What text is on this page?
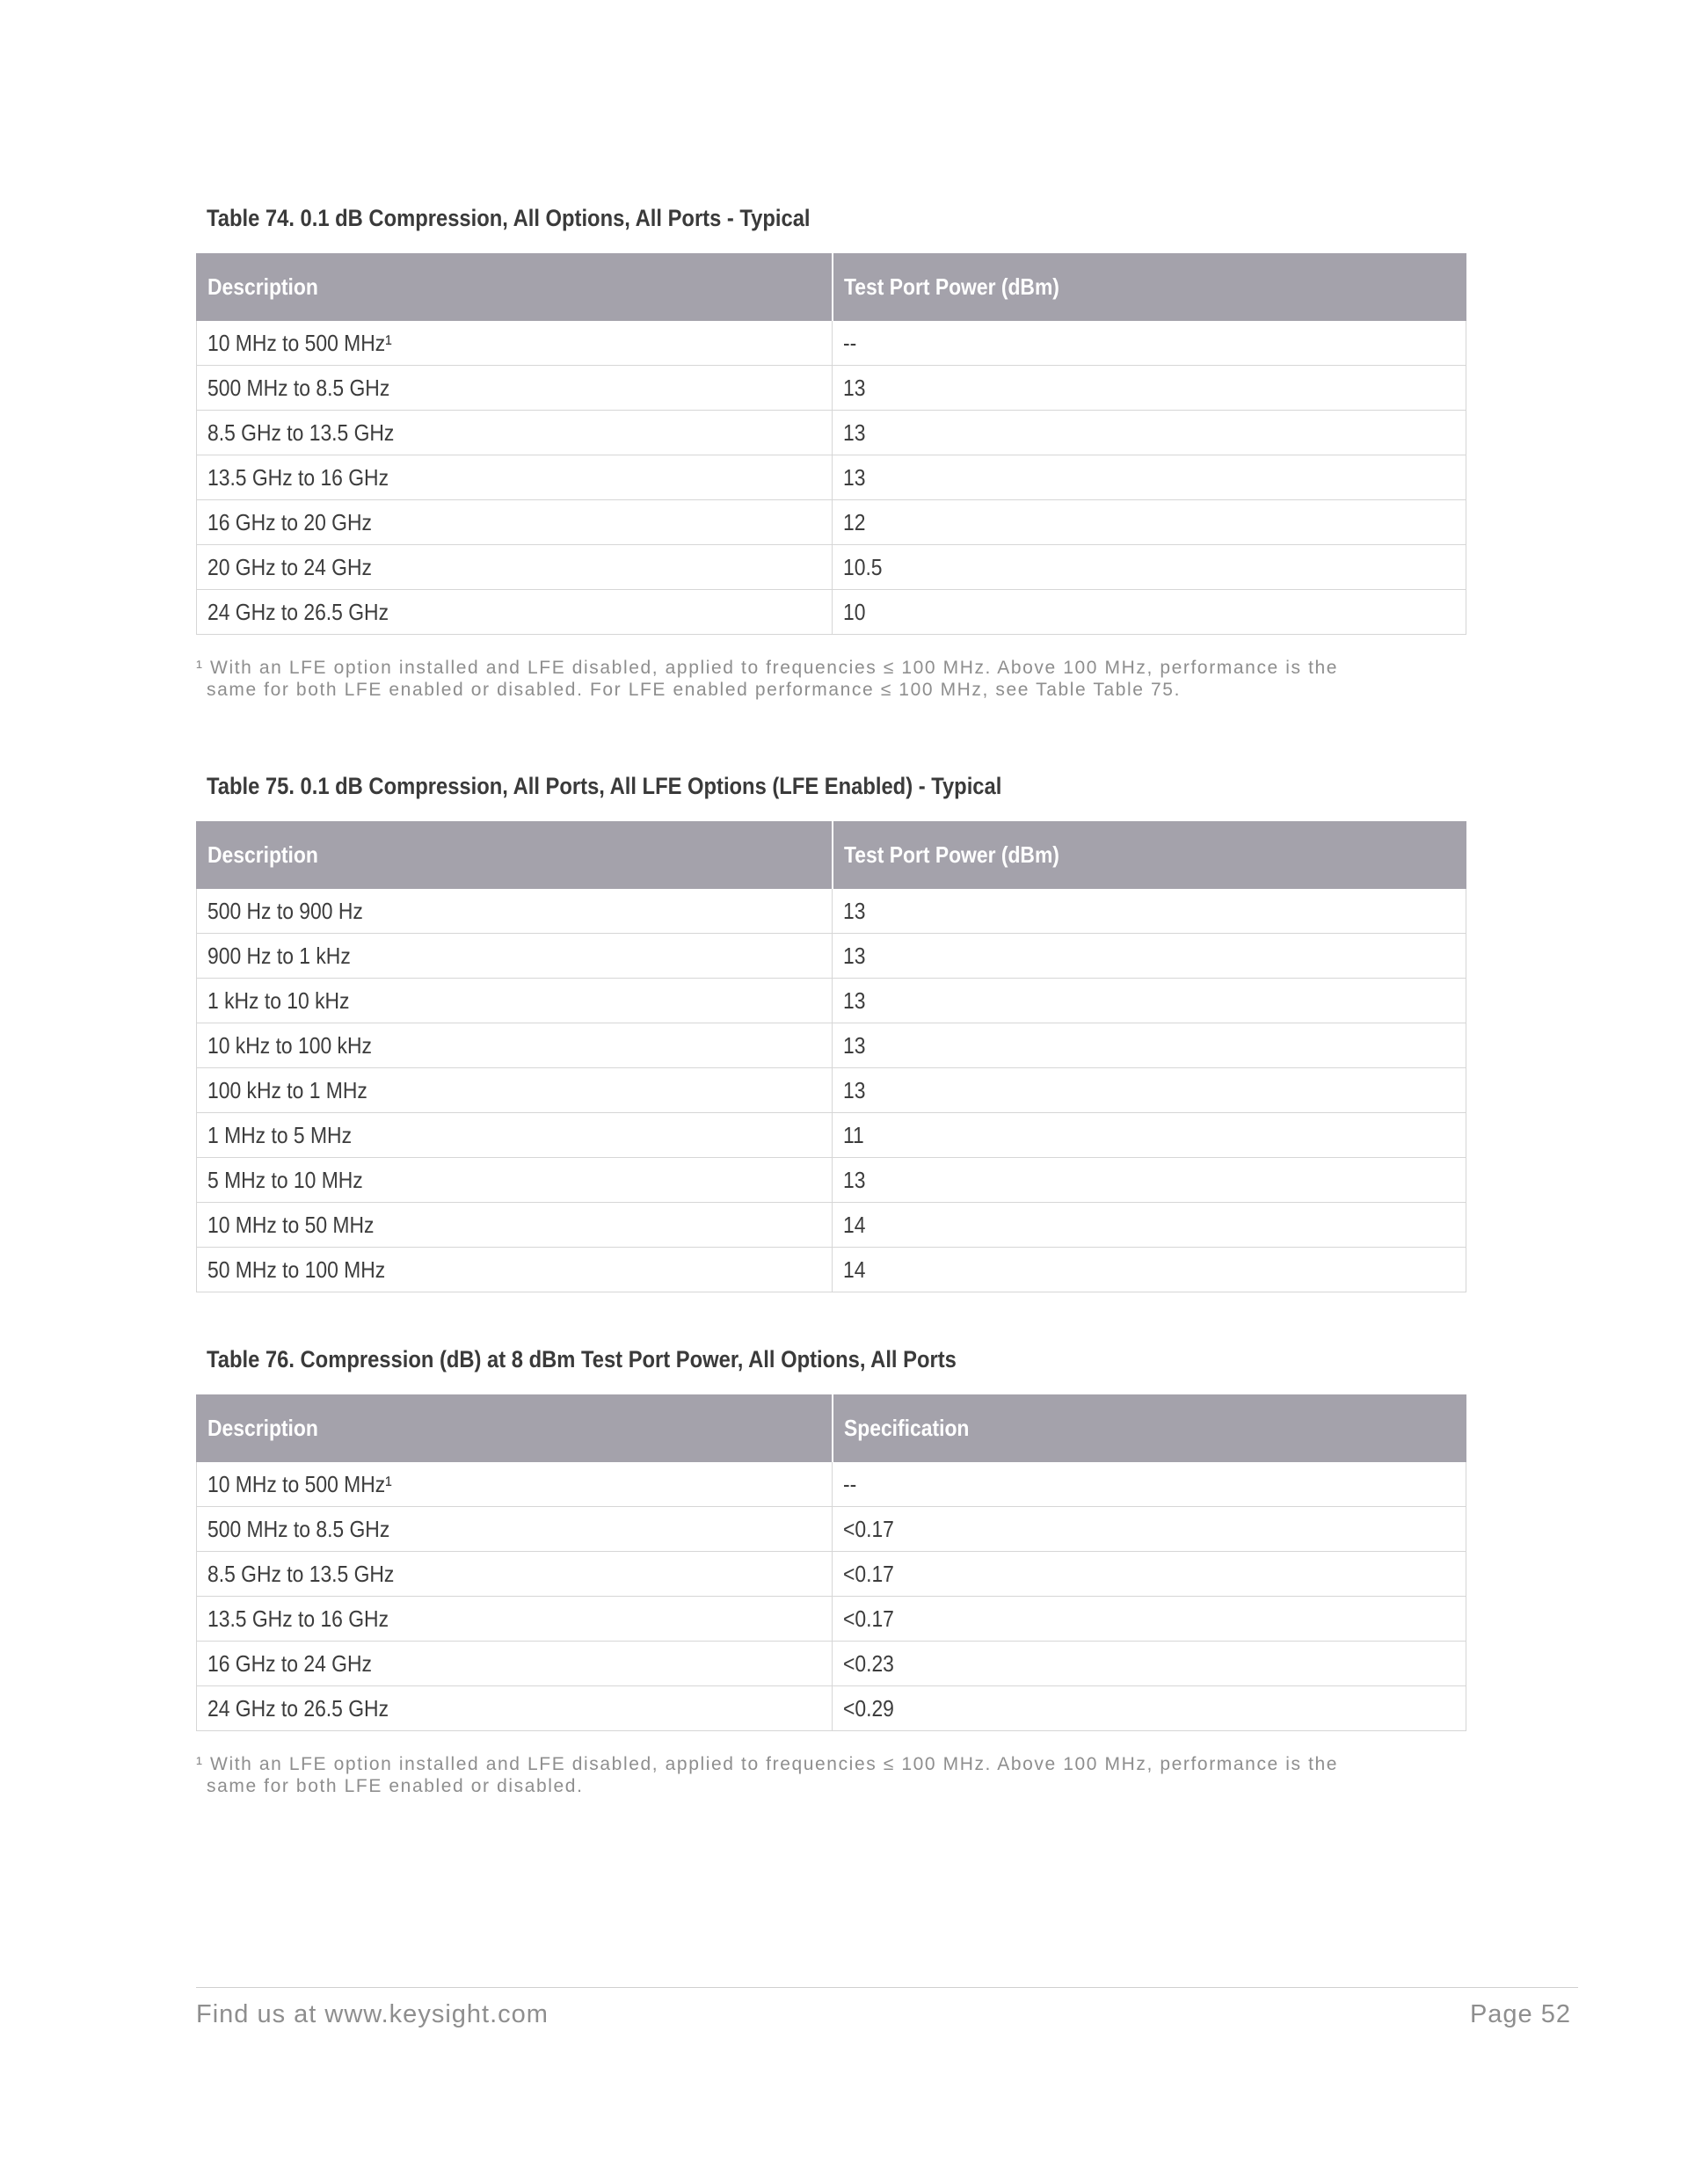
Table 74. 0.1 dB Compression, All Options, All Ports - Typical
Description	Test Port Power (dBm)
10 MHz to 500 MHz¹	--
500 MHz to 8.5 GHz	13
8.5 GHz to 13.5 GHz	13
13.5 GHz to 16 GHz	13
16 GHz to 20 GHz	12
20 GHz to 24 GHz	10.5
24 GHz to 26.5 GHz	10
¹ With an LFE option installed and LFE disabled, applied to frequencies ≤ 100 MHz. Above 100 MHz, performance is the
same for both LFE enabled or disabled. For LFE enabled performance ≤ 100 MHz, see Table Table 75.
Table 75. 0.1 dB Compression, All Ports, All LFE Options (LFE Enabled) - Typical
Description	Test Port Power (dBm)
500 Hz to 900 Hz	13
900 Hz to 1 kHz	13
1 kHz to 10 kHz	13
10 kHz to 100 kHz	13
100 kHz to 1 MHz	13
1 MHz to 5 MHz	11
5 MHz to 10 MHz	13
10 MHz to 50 MHz	14
50 MHz to 100 MHz	14
Table 76. Compression (dB) at 8 dBm Test Port Power, All Options, All Ports
Description	Specification
10 MHz to 500 MHz¹	--
500 MHz to 8.5 GHz	<0.17
8.5 GHz to 13.5 GHz	<0.17
13.5 GHz to 16 GHz	<0.17
16 GHz to 24 GHz	<0.23
24 GHz to 26.5 GHz	<0.29
¹ With an LFE option installed and LFE disabled, applied to frequencies ≤ 100 MHz. Above 100 MHz, performance is the
same for both LFE enabled or disabled.
Find us at www.keysight.com	Page 52
